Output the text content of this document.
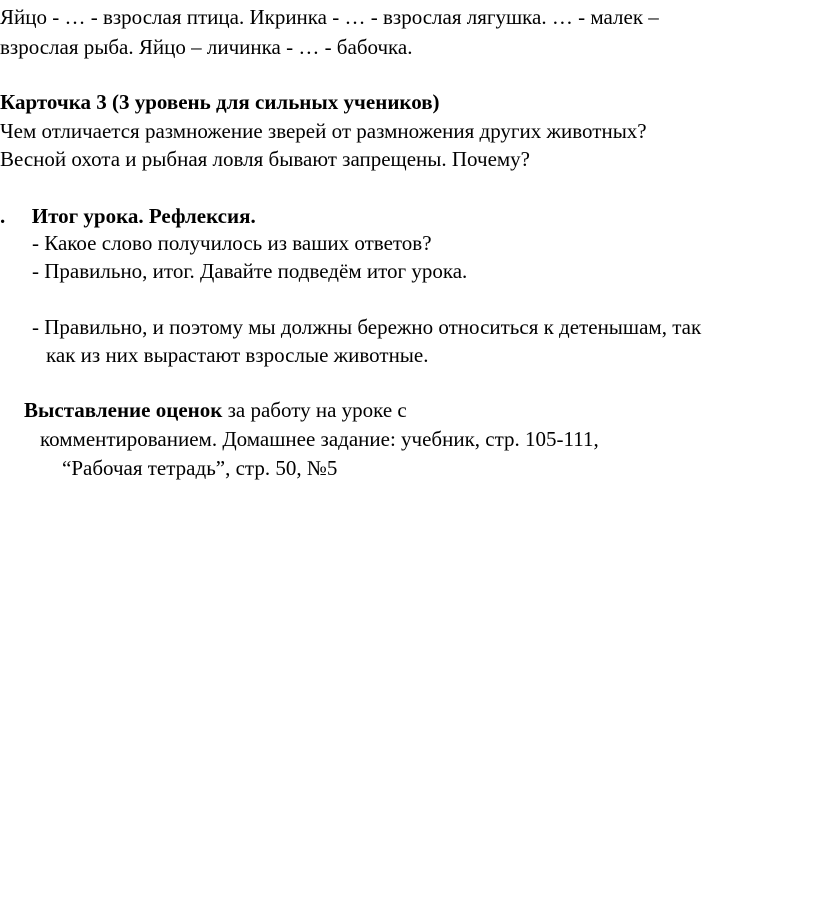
Яйцо - … - взрослая птица. Икринка - … - взрослая лягушка. … - малек –
взрослая рыба. Яйцо – личинка - … - бабочка.
Карточка 3 (3 уровень для сильных учеников)
Чем отличается размножение зверей от размножения других животных?
Весной охота и рыбная ловля бывают запрещены. Почему?
. Итог урока. Рефлексия.
- Какое слово получилось из ваших ответов?
- Правильно, итог. Давайте подведём итог урока.
- Правильно, и поэтому мы должны бережно относиться к детенышам, так
как из них вырастают взрослые животные.
Выставление оценок за работу на уроке с
комментированием. Домашнее задание: учебник, стр. 105-111,
“Рабочая тетрадь”, стр. 50, №5
